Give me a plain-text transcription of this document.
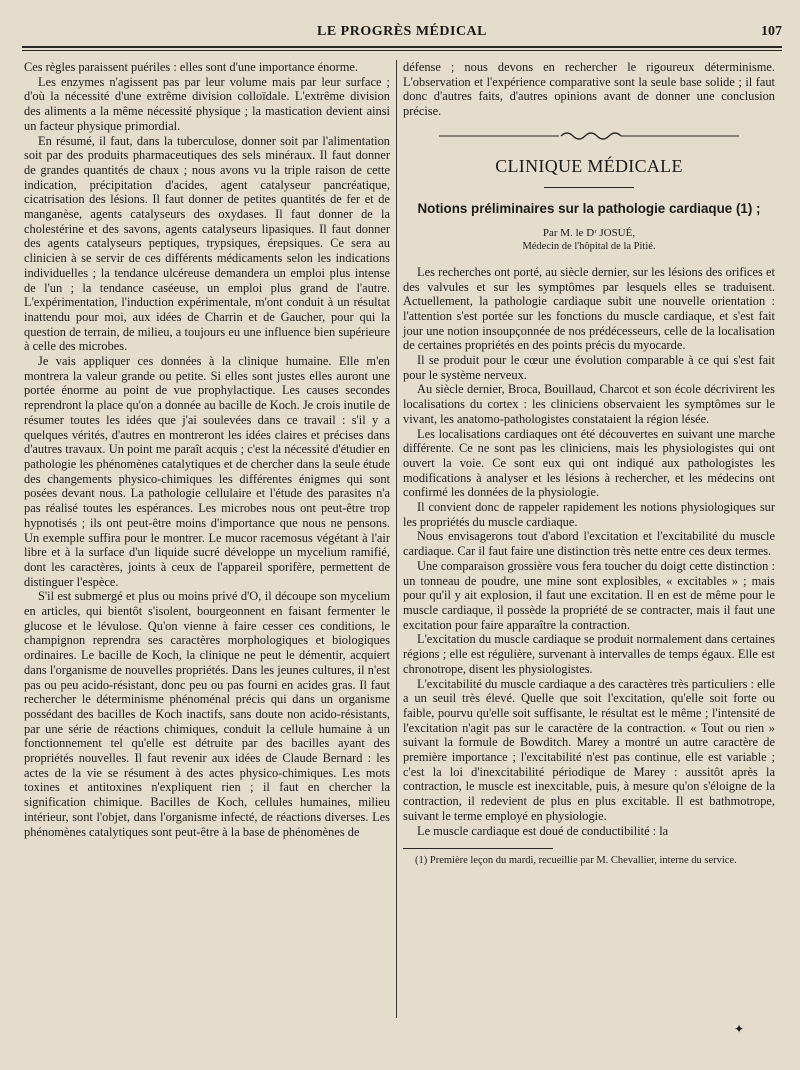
LE PROGRÈS MÉDICAL	107

Ces règles paraissent puériles : elles sont d'une importance énorme.

Les enzymes n'agissent pas par leur volume mais par leur surface ; d'où la nécessité d'une extrême division colloïdale. L'extrême division des aliments a la même nécessité physique ; la mastication devient ainsi un facteur physique primordial.

En résumé, il faut, dans la tuberculose, donner soit par l'alimentation soit par des produits pharmaceutiques des sels minéraux. Il faut donner de grandes quantités de chaux ; nous avons vu la triple raison de cette indication, précipitation d'acides, agent catalyseur pancréatique, cicatrisation des lésions. Il faut donner de petites quantités de fer et de manganèse, agents catalyseurs des oxydases. Il faut donner de la cholestérine et des savons, agents catalyseurs lipasiques. Il faut donner des agents catalyseurs peptiques, trypsiques, érepsiques. Ce sera au clinicien à se servir de ces différents médicaments selon les indications individuelles ; la tendance ulcéreuse demandera un emploi plus intense de l'un ; la tendance caséeuse, un emploi plus grand de l'autre. L'expérimentation, l'induction expérimentale, m'ont conduit à un résultat inattendu pour moi, aux idées de Charrin et de Gaucher, pour qui la question de terrain, de milieu, a toujours eu une influence bien supérieure à celle des microbes.

Je vais appliquer ces données à la clinique humaine. Elle m'en montrera la valeur grande ou petite. Si elles sont justes elles auront une portée énorme au point de vue prophylactique. Les causes secondes reprendront la place qu'on a donnée au bacille de Koch. Je crois inutile de résumer toutes les idées que j'ai soulevées dans ce travail : s'il y a quelques vérités, d'autres en montreront les idées claires et précises dans d'autres travaux. Un point me paraît acquis ; c'est la nécessité d'étudier en pathologie les phénomènes catalytiques et de chercher dans la seule étude des changements physico-chimiques les différentes énigmes qui sont posées devant nous. La pathologie cellulaire et l'étude des parasites n'a pas réalisé toutes les espérances. Les microbes nous ont peut-être trop hypnotisés ; ils ont peut-être moins d'importance que nous ne pensons. Un exemple suffira pour le montrer. Le mucor racemosus végétant à l'air libre et à la surface d'un liquide sucré développe un mycelium ramifié, dont les caractères, joints à ceux de l'appareil sporifère, permettent de distinguer l'espèce.

S'il est submergé et plus ou moins privé d'O, il découpe son mycelium en articles, qui bientôt s'isolent, bourgeonnent en faisant fermenter le glucose et le lévulose. Qu'on vienne à faire cesser ces conditions, le champignon reprendra ses caractères morphologiques et biologiques ordinaires. Le bacille de Koch, la clinique ne peut le démentir, acquiert dans l'organisme de nouvelles propriétés. Dans les jeunes cultures, il n'est pas ou peu acido-résistant, donc peu ou pas fourni en acides gras. Il faut rechercher le déterminisme phénoménal précis qui dans un organisme possédant des bacilles de Koch inactifs, sans doute non acido-résistants, par une série de réactions chimiques, conduit la cellule humaine à un fonctionnement tel qu'elle est détruite par des bacilles ayant des propriétés nouvelles. Il faut revenir aux idées de Claude Bernard : les actes de la vie se résument à des actes physico-chimiques. Les mots toxines et antitoxines n'expliquent rien ; il faut en chercher la signification chimique. Bacilles de Koch, cellules humaines, milieu intérieur, sont l'objet, dans l'organisme infecté, de réactions diverses. Les phénomènes catalytiques sont peut-être à la base de phénomènes de

défense ; nous devons en rechercher le rigoureux déterminisme. L'observation et l'expérience comparative sont la seule base solide ; il faut donc d'autres faits, d'autres opinions avant de donner une conclusion précise.

CLINIQUE MÉDICALE
Notions préliminaires sur la pathologie cardiaque (1) ;
Par M. le Dʳ JOSUÉ,
Médecin de l'hôpital de la Pitié.

Les recherches ont porté, au siècle dernier, sur les lésions des orifices et des valvules et sur les symptômes par lesquels elles se traduisent. Actuellement, la pathologie cardiaque subit une nouvelle orientation : l'attention s'est portée sur les fonctions du muscle cardiaque, et s'est fait jour une notion insoupçonnée de nos prédécesseurs, celle de la localisation de certaines propriétés en des points précis du myocarde.

Il se produit pour le cœur une évolution comparable à ce qui s'est fait pour le système nerveux.

Au siècle dernier, Broca, Bouillaud, Charcot et son école décrivirent les localisations du cortex : les cliniciens observaient les symptômes sur le vivant, les anatomo-pathologistes constataient la région lésée.

Les localisations cardiaques ont été découvertes en suivant une marche différente. Ce ne sont pas les cliniciens, mais les physiologistes qui ont ouvert la voie. Ce sont eux qui ont indiqué aux pathologistes les modifications à analyser et les lésions à rechercher, et les médecins ont confirmé les données de la physiologie.

Il convient donc de rappeler rapidement les notions physiologiques sur les propriétés du muscle cardiaque.

Nous envisagerons tout d'abord l'excitation et l'excitabilité du muscle cardiaque. Car il faut faire une distinction très nette entre ces deux termes.

Une comparaison grossière vous fera toucher du doigt cette distinction : un tonneau de poudre, une mine sont explosibles, « excitables » ; mais pour qu'il y ait explosion, il faut une excitation. Il en est de même pour le muscle cardiaque, il possède la propriété de se contracter, mais il faut une excitation pour faire apparaître la contraction.

L'excitation du muscle cardiaque se produit normalement dans certaines régions ; elle est régulière, survenant à intervalles de temps égaux. Elle est chronotrope, disent les physiologistes.

L'excitabilité du muscle cardiaque a des caractères très particuliers : elle a un seuil très élevé. Quelle que soit l'excitation, qu'elle soit forte ou faible, pourvu qu'elle soit suffisante, le résultat est le même ; l'intensité de l'excitation n'agit pas sur le caractère de la contraction. « Tout ou rien » suivant la formule de Bowditch. Marey a montré un autre caractère de première importance ; l'excitabilité n'est pas continue, elle est variable ; c'est la loi d'inexcitabilité périodique de Marey : aussitôt après la contraction, le muscle est inexcitable, puis, à mesure qu'on s'éloigne de la contraction, il redevient de plus en plus excitable. Il est bathmotrope, suivant le terme employé en physiologie.

Le muscle cardiaque est doué de conductibilité : la

(1) Première leçon du mardi, recueillie par M. Chevallier, interne du service.
✦
